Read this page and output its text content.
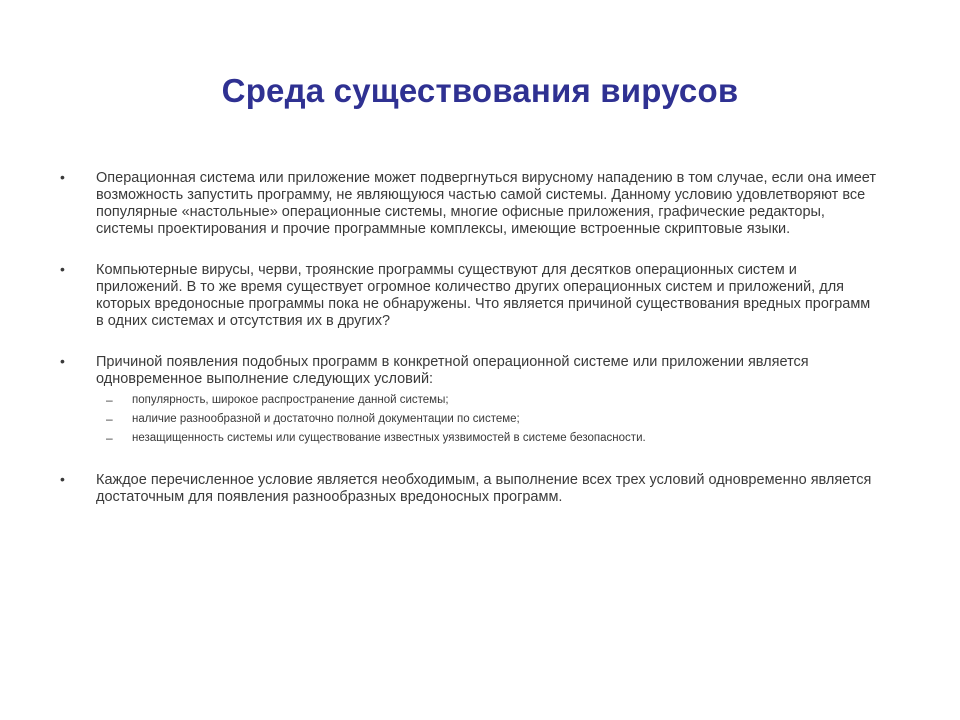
Среда существования вирусов
• Операционная система или приложение может подвергнуться вирусному нападению в том случае, если она имеет возможность запустить программу, не являющуюся частью самой системы. Данному условию удовлетворяют все популярные «настольные» операционные системы, многие офисные приложения, графические редакторы, системы проектирования и прочие программные комплексы, имеющие встроенные скриптовые языки.
• Компьютерные вирусы, черви, троянские программы существуют для десятков операционных систем и приложений. В то же время существует огромное количество других операционных систем и приложений, для которых вредоносные программы пока не обнаружены. Что является причиной существования вредных программ в одних системах и отсутствия их в других?
• Причиной появления подобных программ в конкретной операционной системе или приложении является одновременное выполнение следующих условий:
– популярность, широкое распространение данной системы;
– наличие разнообразной и достаточно полной документации по системе;
– незащищенность системы или существование известных уязвимостей в системе безопасности.
• Каждое перечисленное условие является необходимым, а выполнение всех трех условий одновременно является достаточным для появления разнообразных вредоносных программ.
